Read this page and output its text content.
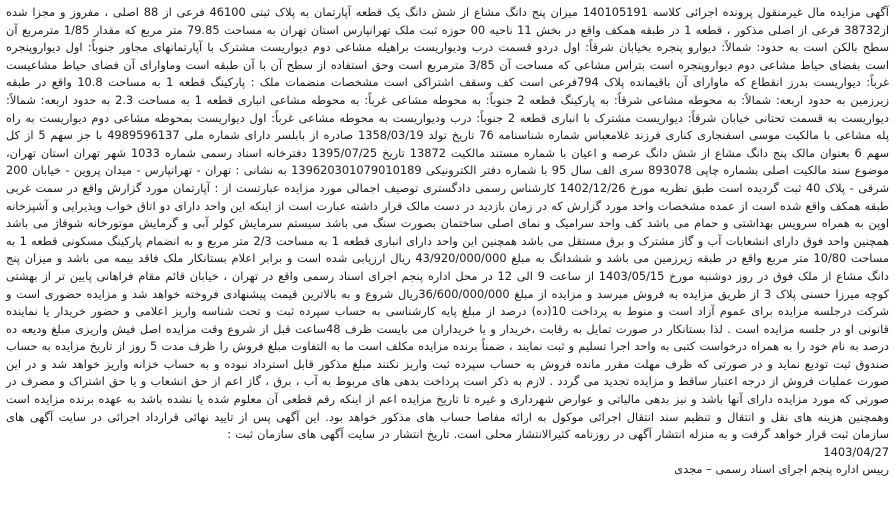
آگهی مزایده مال غیرمنقول پرونده اجرائی کلاسه 140105191 میزان پنج دانگ مشاع از شش دانگ یک قطعه آپارتمان به پلاک ثبتی 46100 فرعی از 88 اصلی ، مفروز و مجزا شده از38732 فرعی از اصلی مذکور ، قطعه 1 در طبقه همکف واقع در بخش 11 ناحیه 00 حوزه ثبت ملک تهرانپارس استان تهران به مساحت 79.85 متر مربع که مقدار 1/85 مترمربع آن سطح بالکن است به حدود: شمالاً: دیوارو پنجره بخیابان شرقاً: اول دردو قسمت درب ودیواریست براهیله مشاعی دوم دیواریست مشترک با آپارتمانهای مجاور جنوباً: اول دیواروپنجره است بفضای حیاط مشاعی دوم دیواروپنجره است بتراس مشاعی که مساحت آن 3/85 مترمربع است وحق استفاده از سطح آن با آن طبقه است وماوارای آن فضای حیاط مشاعیست غرباً: دیواریست بدرز انقطاع که ماوارای آن باقیمانده پلاک 794فرعی است کف وسقف اشتراکی است مشخصات منضمات ملک : پارکینگ قطعه 1 به مساحت 10.8 واقع در طبقه زیرزمین به حدود اربعه: شمالاً: به محوطه مشاعی شرقاً: به پارکینگ قطعه 2 جنوباً: به محوطه مشاعی غرباً: به محوطه مشاعی انباری قطعه 1 به مساحت 2.3 به حدود اربعه: شمالاً: دیواریست به قسمت تحتانی خیابان شرقاً: دیواریست مشترک با انباری قطعه 2 جنوباً: درب ودیواریست به محوطه مشاعی غرباً: اول دیواریست بمحوطه مشاعی دوم دیواریست به راه پله مشاعی با مالکیت موسی اسفنجاری کناری فرزند غلامعباس شماره شناسنامه 76 تاریخ تولد 1358/03/19 صادره از بابلسر دارای شماره ملی 4989596137 با جز سهم 5 از کل سهم 6 بعنوان مالک پنج دانگ مشاع از شش دانگ عرصه و اعیان با شماره مستند مالکیت 13872 تاریخ 1395/07/25 دفترخانه اسناد رسمی شماره 1033 شهر تهران استان تهران، موضوع سند مالکیت اصلی بشماره چاپی 893078 سری الف سال 95 با شماره دفتر الکترونیکی 139620301079010189 به نشانی : تهران - تهرانپارس - میدان پروین - خیابان 200 شرقی - پلاک 40 ثبت گردیده است طبق نظریه مورخ 1402/12/26 کارشناس رسمی دادگستری توصیف اجمالی مورد مزایده عبارتست از : آپارتمان مورد گزارش واقع در سمت غربی طبقه همکف واقع شده است از عمده مشخصات واحد مورد گزارش که در زمان بازدید در دست مالک قرار داشته عبارت است از اینکه این واحد دارای دو اتاق خواب وپذیرایی و آشپزخانه اوپن به همراه سرویس بهداشتی و حمام می باشد کف واحد سرامیک و نمای اصلی ساختمان بصورت سنگ می باشد سیستم سرمایش کولر آبی و گرمایش موتورخانه شوفاژ می باشد همچنین واحد فوق دارای انشعابات آب و گاز مشترک و برق مستقل می باشد همچنین این واحد دارای انباری قطعه 1 به مساحت 2/3 متر مربع و به انضمام پارکینگ مسکونی قطعه 1 به مساحت 10/80 متر مربع واقع در طبقه زیرزمین می باشد و ششدانگ به مبلغ 43/920/000/000 ریال ارزیابی شده است و برابر اعلام بستانکار ملک فاقد بیمه می باشد و میزان پنج دانگ مشاع از ملک فوق در روز دوشنبه مورخ 1403/05/15 از ساعت 9 الی 12 در محل اداره پنجم اجرای اسناد رسمی واقع در تهران ، خیابان قائم مقام فراهانی پایین تر از بهشتی کوچه میرزا حسنی پلاک 3 از طریق مزایده به فروش میرسد و مزایده از مبلغ 36/600/000/000ریال شروع و به بالاترین قیمت پیشنهادی فروخته خواهد شد و مزایده حضوری است و شرکت درجلسه مزایده برای عموم آزاد است و منوط به پرداخت 10(ده) درصد از مبلغ پایه کارشناسی به حساب سپرده ثبت و تحت شناسه واریز اعلامی و حضور خریدار یا نماینده قانونی او در جلسه مزایده است . لذا بستانکار در صورت تمایل به رقابت ،خریدار و یا خریداران می بایست ظرف 48ساعت قبل از شروع وقت مزایده اصل فیش واریزی مبلغ ودیعه ده درصد به نام خود را به همراه درخواست کتبی به واحد اجرا تسلیم و ثبت نمایند ، ضمناً برنده مزایده مکلف است ما به التفاوت مبلغ فروش را ظرف مدت 5 روز از تاریخ مزایده به حساب صندوق ثبت تودیع نماید و در صورتی که ظرف مهلت مقرر مانده فروش به حساب سپرده ثبت واریز نکنند مبلغ مذکور قابل استرداد نبوده و به حساب خزانه واریز خواهد شد و در این صورت عملیات فروش از درجه اعتبار ساقط و مزایده تجدید می گردد . لازم به ذکر است پرداخت بدهی های مربوط به آب ، برق ، گاز اعم از حق انشعاب و یا حق اشتراک و مصرف در صورتی که مورد مزایده دارای آنها باشد و نیز بدهی مالیاتی و عوارض شهرداری و غیره تا تاریخ مزایده اعم از اینکه رقم قطعی آن معلوم شده یا نشده باشد به عهده برنده مزایده است وهمچنین هزینه های نقل و انتقال و تنظیم سند انتقال اجرائی موکول به ارائه مفاصا حساب های مذکور خواهد بود. این آگهی پس از تایید نهائی قرارداد اجرائی در سایت آگهی های سازمان ثبت قرار خواهد گرفت و به منزله انتشار آگهی در روزنامه کثیرالانتشار محلی است. تاریخ انتشار در سایت آگهی های سازمان ثبت :

1403/04/27

رییس اداره پنجم اجرای اسناد رسمی – مجدی
